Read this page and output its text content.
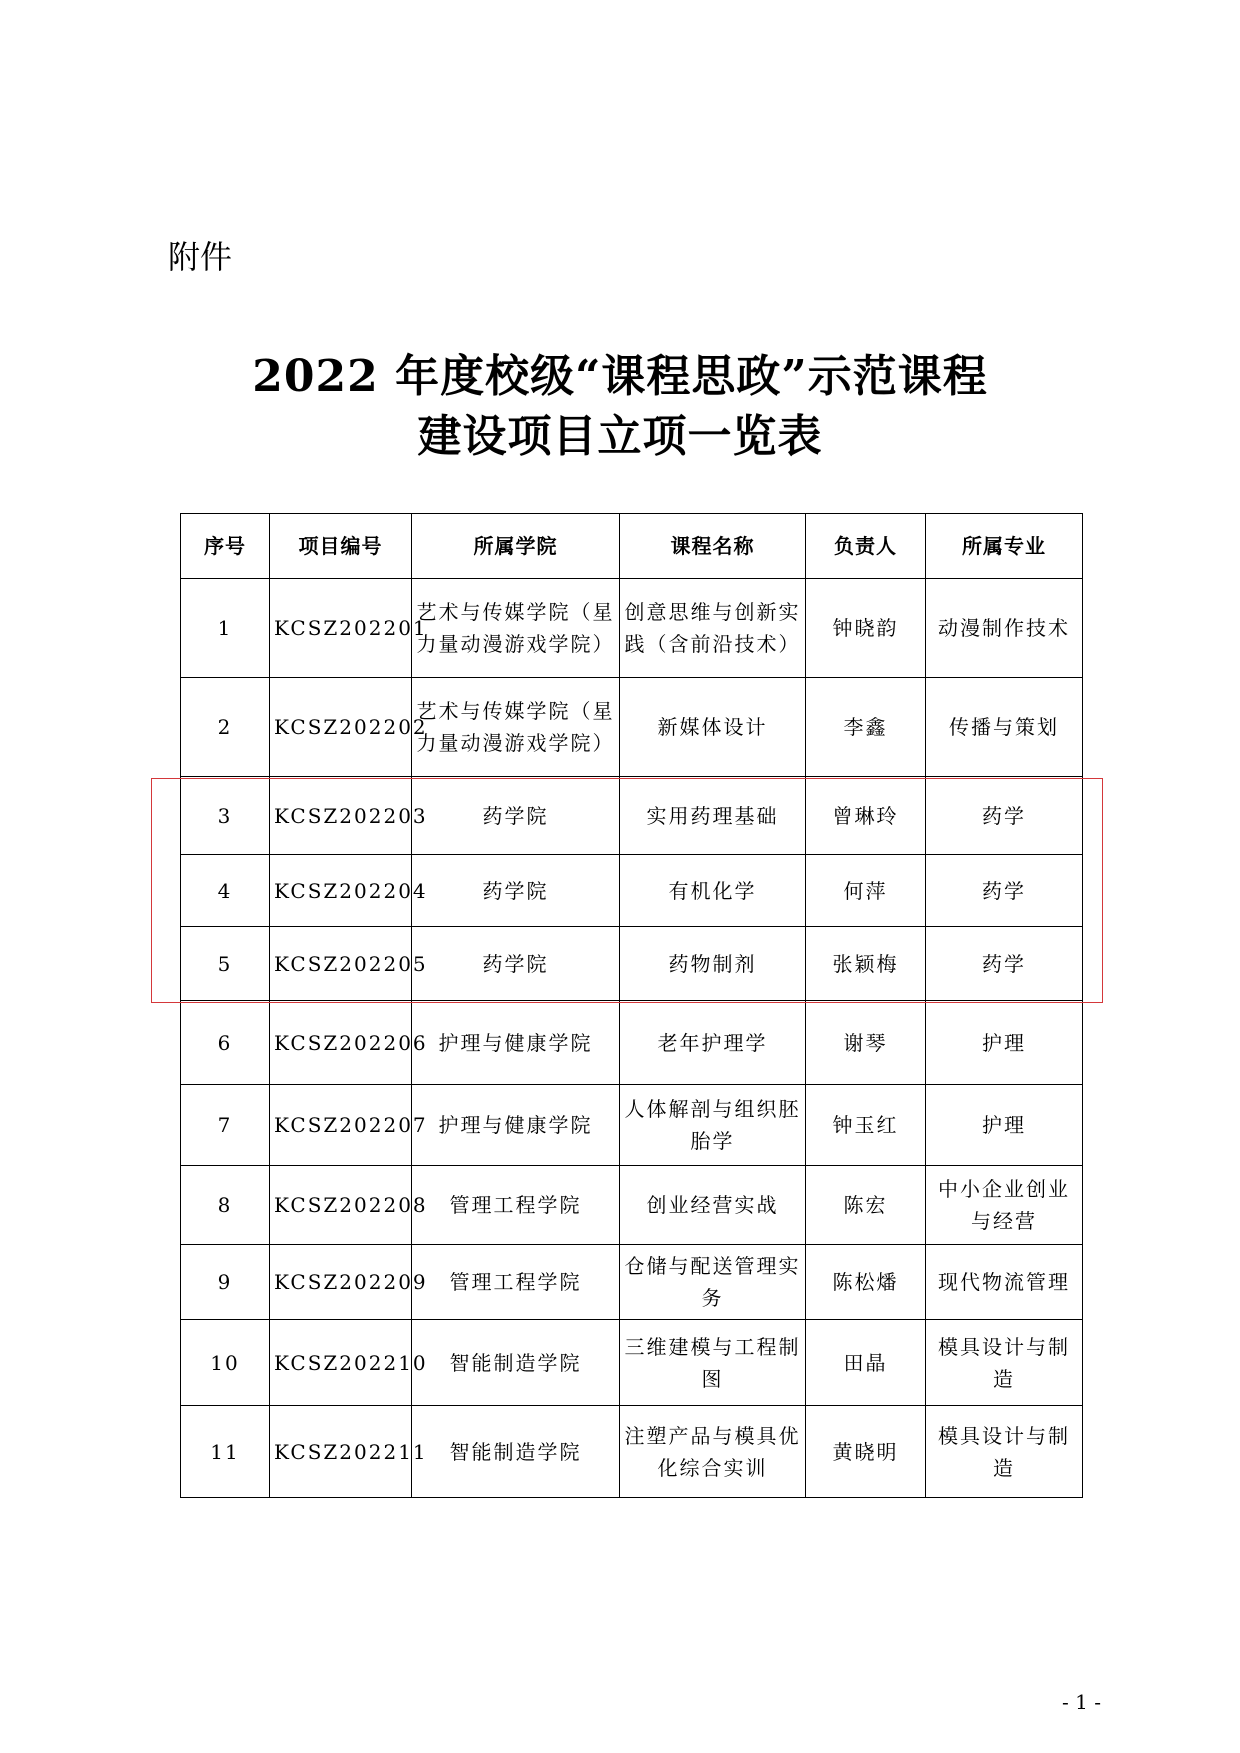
附件
2022 年度校级“课程思政”示范课程
建设项目立项一览表
序号	项目编号	所属学院	课程名称	负责人	所属专业
1	KCSZ202201	艺术与传媒学院（星力量动漫游戏学院）	创意思维与创新实践（含前沿技术）	钟晓韵	动漫制作技术
2	KCSZ202202	艺术与传媒学院（星力量动漫游戏学院）	新媒体设计	李鑫	传播与策划
3	KCSZ202203	药学院	实用药理基础	曾琳玲	药学
4	KCSZ202204	药学院	有机化学	何萍	药学
5	KCSZ202205	药学院	药物制剂	张颖梅	药学
6	KCSZ202206	护理与健康学院	老年护理学	谢琴	护理
7	KCSZ202207	护理与健康学院	人体解剖与组织胚胎学	钟玉红	护理
8	KCSZ202208	管理工程学院	创业经营实战	陈宏	中小企业创业与经营
9	KCSZ202209	管理工程学院	仓储与配送管理实务	陈松燔	现代物流管理
10	KCSZ202210	智能制造学院	三维建模与工程制图	田晶	模具设计与制造
11	KCSZ202211	智能制造学院	注塑产品与模具优化综合实训	黄晓明	模具设计与制造
- 1 -
